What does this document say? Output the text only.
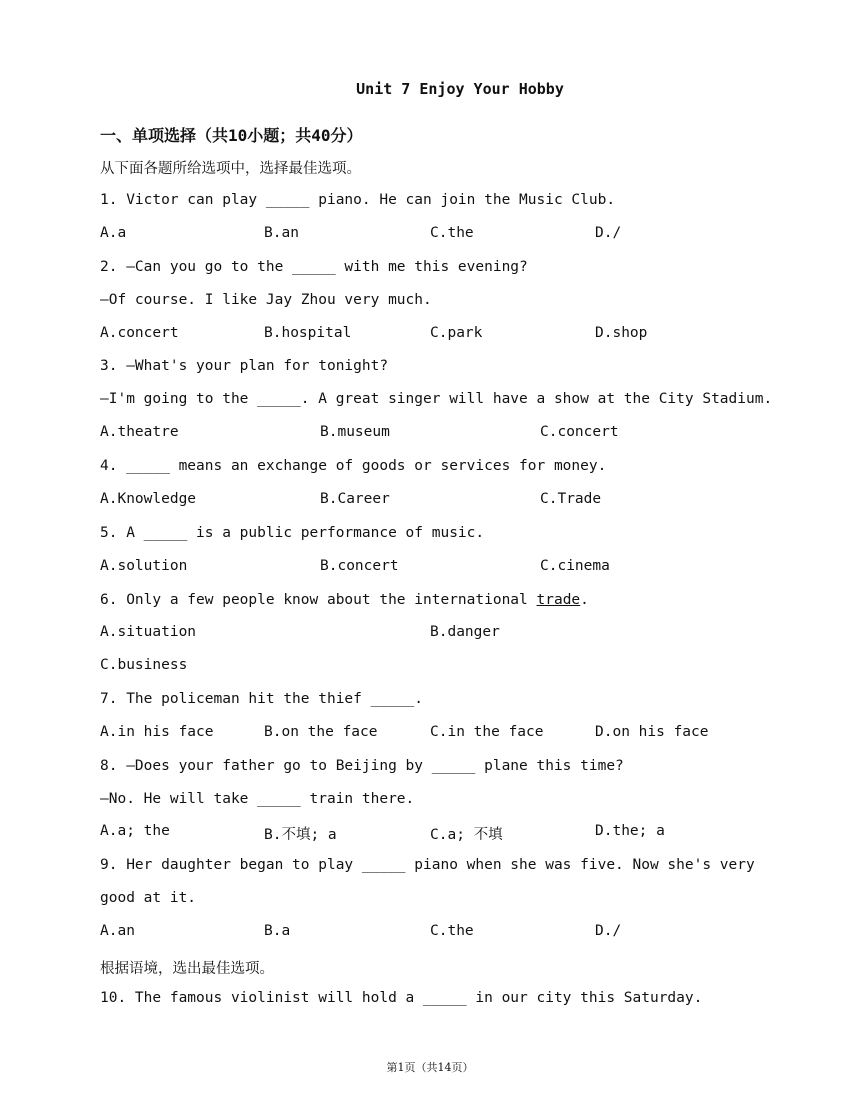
Unit 7 Enjoy Your Hobby
一、单项选择（共10小题；共40分）
从下面各题所给选项中，选择最佳选项。
1. Victor can play _____ piano. He can join the Music Club.
A.a	B.an	C.the	D./
2. —Can you go to the _____ with me this evening?
—Of course. I like Jay Zhou very much.
A.concert	B.hospital	C.park	D.shop
3. —What's your plan for tonight?
—I'm going to the _____. A great singer will have a show at the City Stadium.
A.theatre	B.museum	C.concert
4. _____ means an exchange of goods or services for money.
A.Knowledge	B.Career	C.Trade
5. A _____ is a public performance of music.
A.solution	B.concert	C.cinema
6. Only a few people know about the international trade.
A.situation	B.danger
C.business
7. The policeman hit the thief _____.
A.in his face	B.on the face	C.in the face	D.on his face
8. —Does your father go to Beijing by _____ plane this time?
—No. He will take _____ train there.
A.a; the	B.不填; a	C.a; 不填	D.the; a
9. Her daughter began to play _____ piano when she was five. Now she's very
good at it.
A.an	B.a	C.the	D./
根据语境，选出最佳选项。
10. The famous violinist will hold a _____ in our city this Saturday.
第1页（共14页）
